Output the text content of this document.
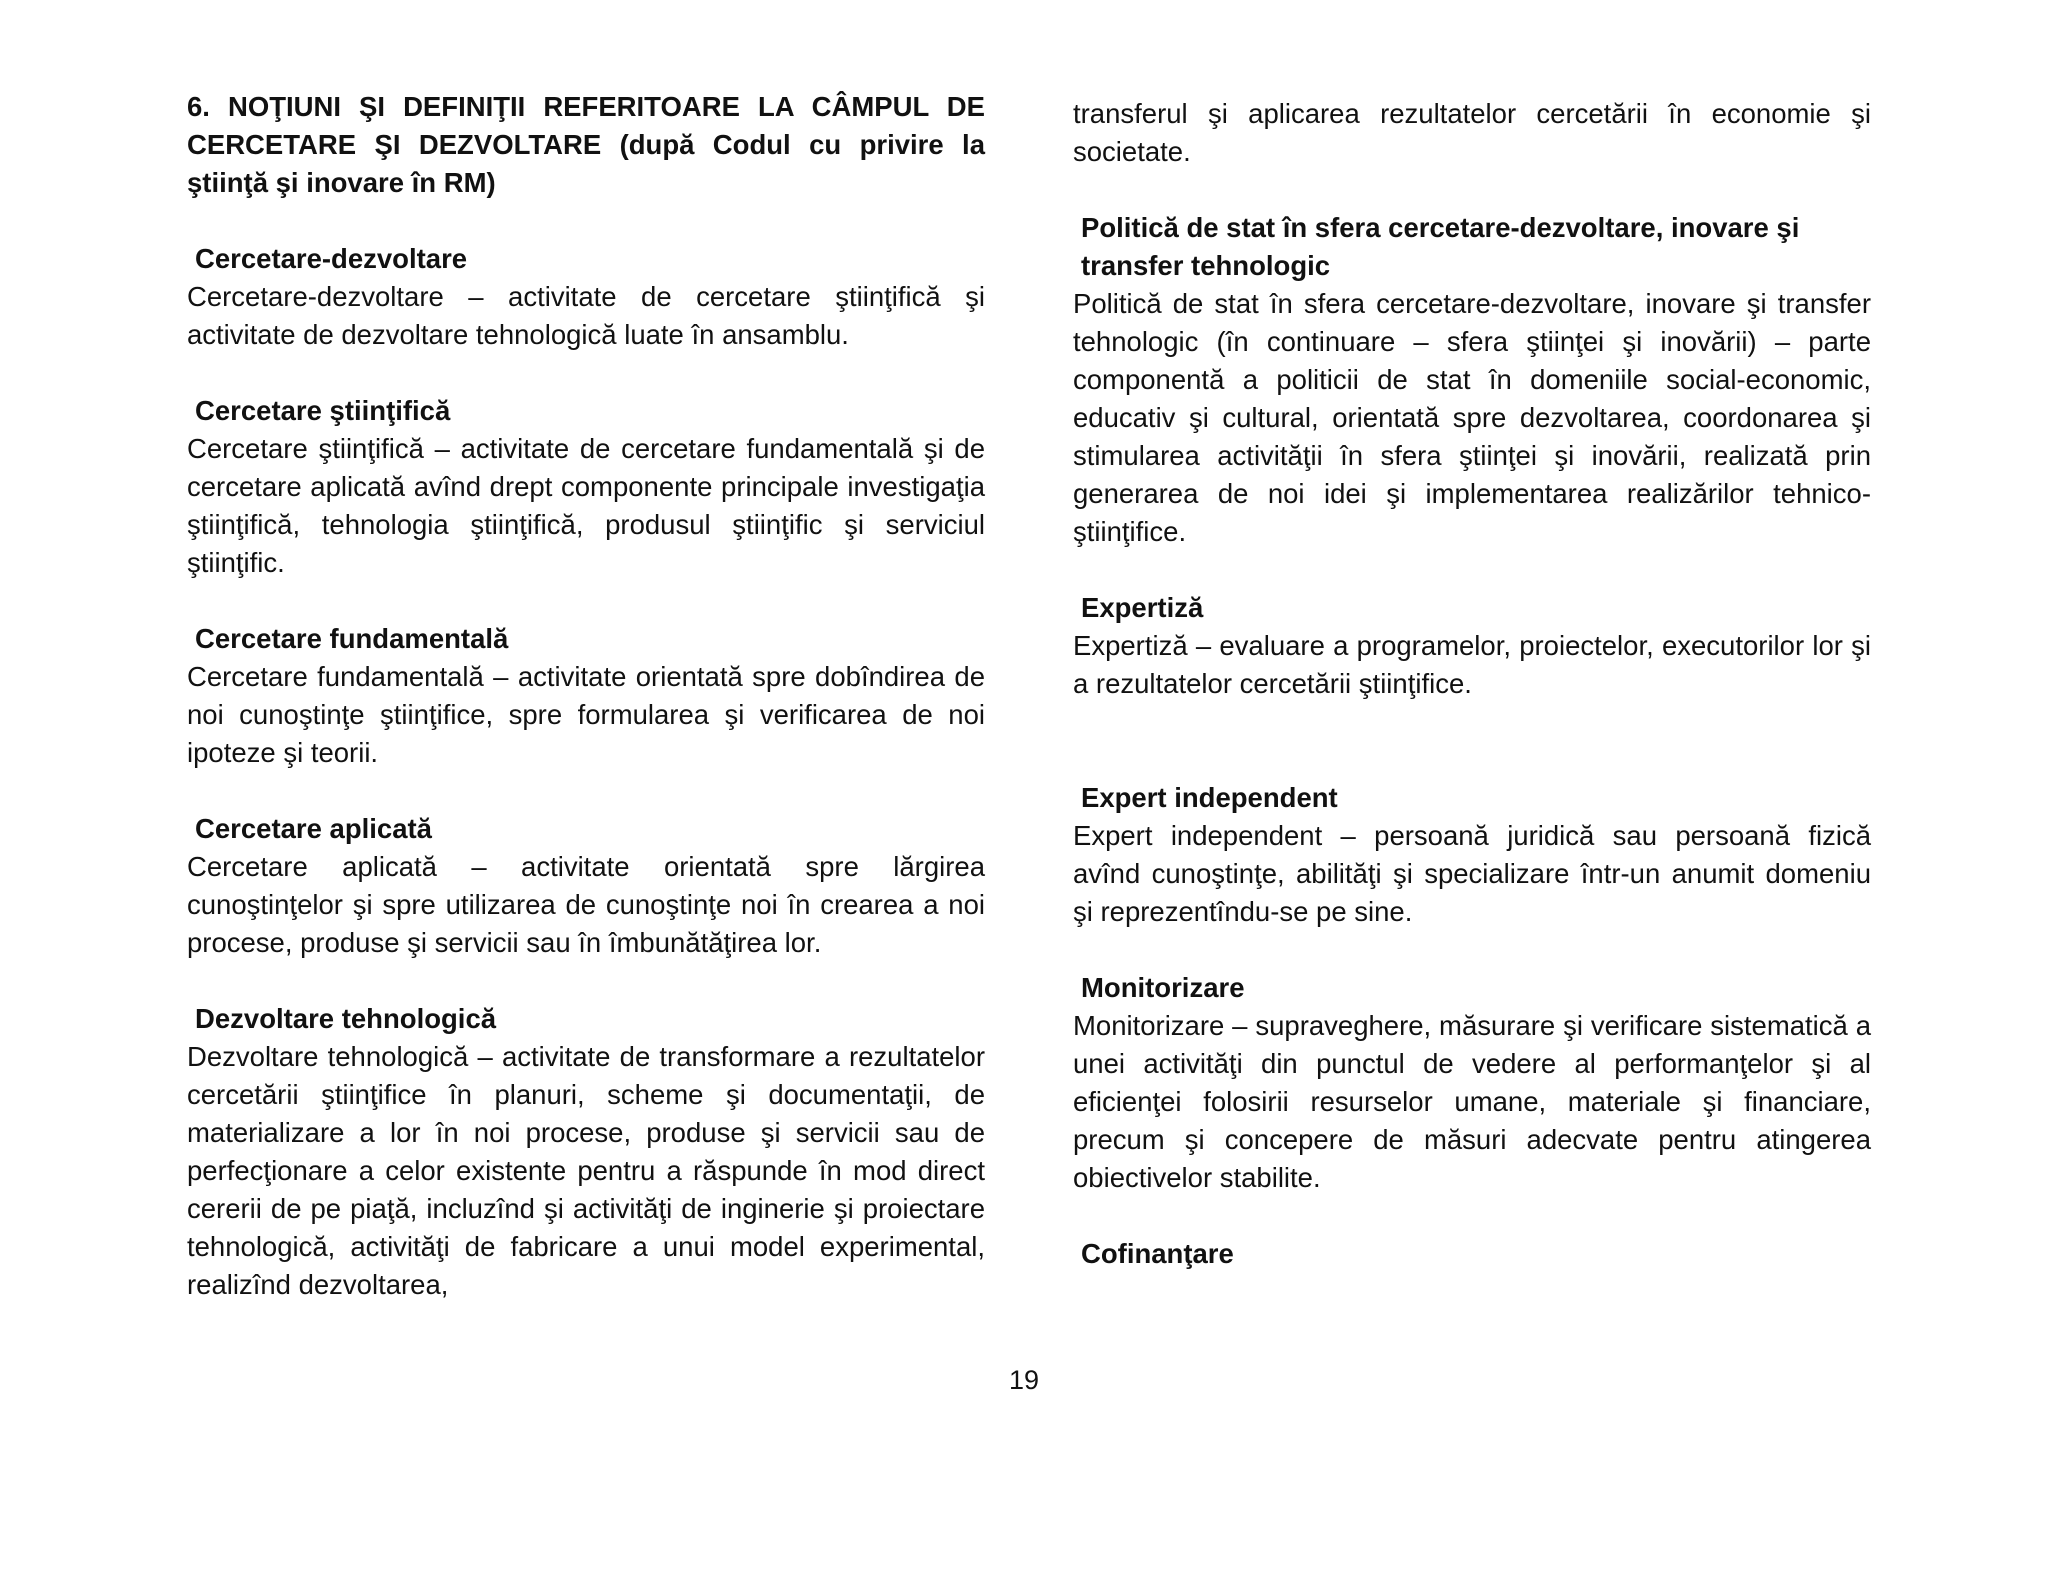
6. NOŢIUNI ŞI DEFINIŢII REFERITOARE LA CÂMPUL DE CERCETARE ŞI DEZVOLTARE (după Codul cu privire la ştiinţă şi inovare în RM)

Cercetare-dezvoltare

Cercetare-dezvoltare – activitate de cercetare ştiinţifică şi activitate de dezvoltare tehnologică luate în ansamblu.

Cercetare ştiinţifică

Cercetare ştiinţifică – activitate de cercetare fundamentală şi de cercetare aplicată avînd drept componente principale investigaţia ştiinţifică, tehnologia ştiinţifică, produsul ştiinţific şi serviciul ştiinţific.

Cercetare fundamentală

Cercetare fundamentală – activitate orientată spre dobîndirea de noi cunoştinţe ştiinţifice, spre formularea şi verificarea de noi ipoteze şi teorii.

Cercetare aplicată

Cercetare aplicată – activitate orientată spre lărgirea cunoştinţelor şi spre utilizarea de cunoştinţe noi în crearea a noi procese, produse şi servicii sau în îmbunătăţirea lor.

Dezvoltare tehnologică

Dezvoltare tehnologică – activitate de transformare a rezultatelor cercetării ştiinţifice în planuri, scheme şi documentaţii, de materializare a lor în noi procese, produse şi servicii sau de perfecţionare a celor existente pentru a răspunde în mod direct cererii de pe piaţă, incluzînd şi activităţi de inginerie şi proiectare tehnologică, activităţi de fabricare a unui model experimental, realizînd dezvoltarea,

transferul şi aplicarea rezultatelor cercetării în economie şi societate.

Politică de stat în sfera cercetare-dezvoltare, inovare şi transfer tehnologic

Politică de stat în sfera cercetare-dezvoltare, inovare şi transfer tehnologic (în continuare – sfera ştiinţei şi inovării) – parte componentă a politicii de stat în domeniile social-economic, educativ şi cultural, orientată spre dezvoltarea, coordonarea şi stimularea activităţii în sfera ştiinţei şi inovării, realizată prin generarea de noi idei şi implementarea realizărilor tehnico-ştiinţifice.

Expertiză

Expertiză – evaluare a programelor, proiectelor, executorilor lor şi a rezultatelor cercetării ştiinţifice.

Expert independent

Expert independent – persoană juridică sau persoană fizică avînd cunoştinţe, abilităţi şi specializare într-un anumit domeniu şi reprezentîndu-se pe sine.

Monitorizare

Monitorizare – supraveghere, măsurare şi verificare sistematică a unei activităţi din punctul de vedere al performanţelor şi al eficienţei folosirii resurselor umane, materiale şi financiare, precum şi concepere de măsuri adecvate pentru atingerea obiectivelor stabilite.

Cofinanţare

19
